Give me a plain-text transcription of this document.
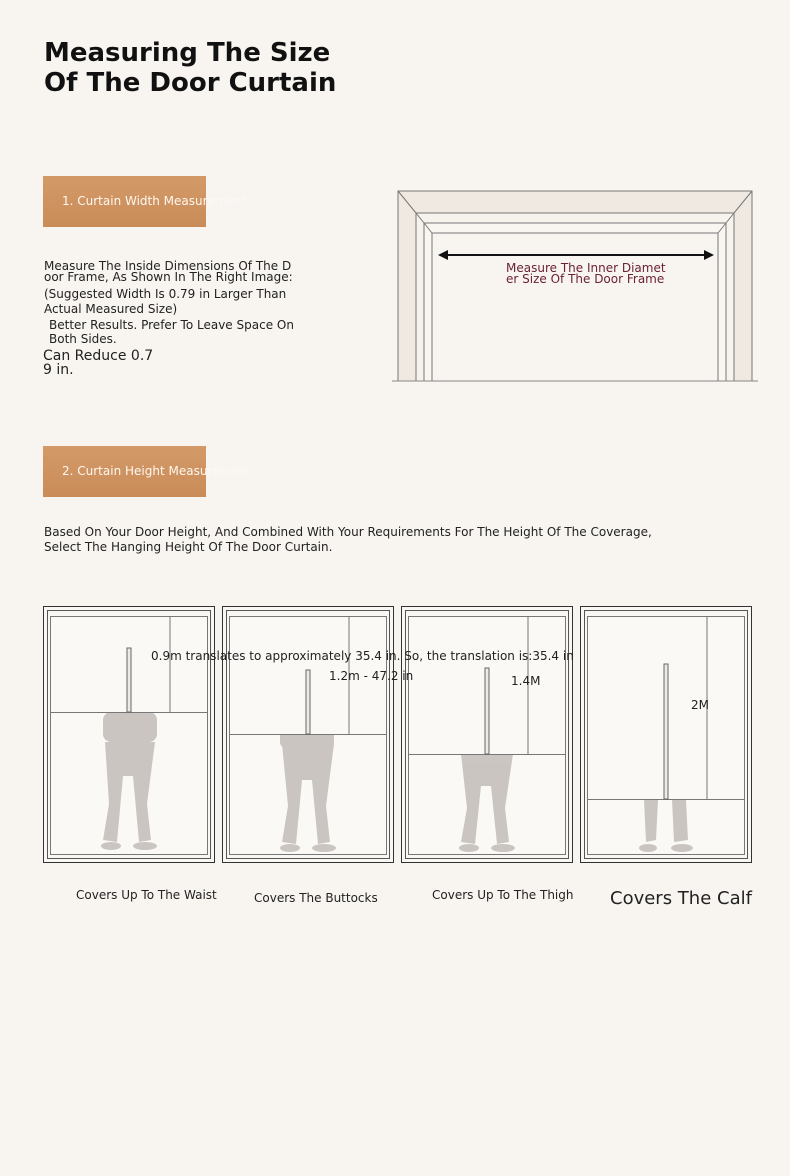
Measuring The Size
Of The Door Curtain
1. Curtain Width Measurement
Measure The Inside Dimensions Of The D
oor Frame, As Shown In The Right Image:
(Suggested Width Is 0.79 in Larger Than
Actual Measured Size)
Better Results. Prefer To Leave Space On
Both Sides.
Can Reduce 0.7
9 in.
Measure The Inner Diamet
er Size Of The Door Frame
2. Curtain Height Measurement
Based On Your Door Height, And Combined With Your Requirements For The Height Of The Coverage,
Select The Hanging Height Of The Door Curtain.
0.9m translates to approximately 35.4 in. So, the translation is:35.4 in
1.2m - 47.2 in	1.4M
2M
Covers Up To The Waist	Covers The Buttocks	Covers Up To The Thigh Covers The Calf
